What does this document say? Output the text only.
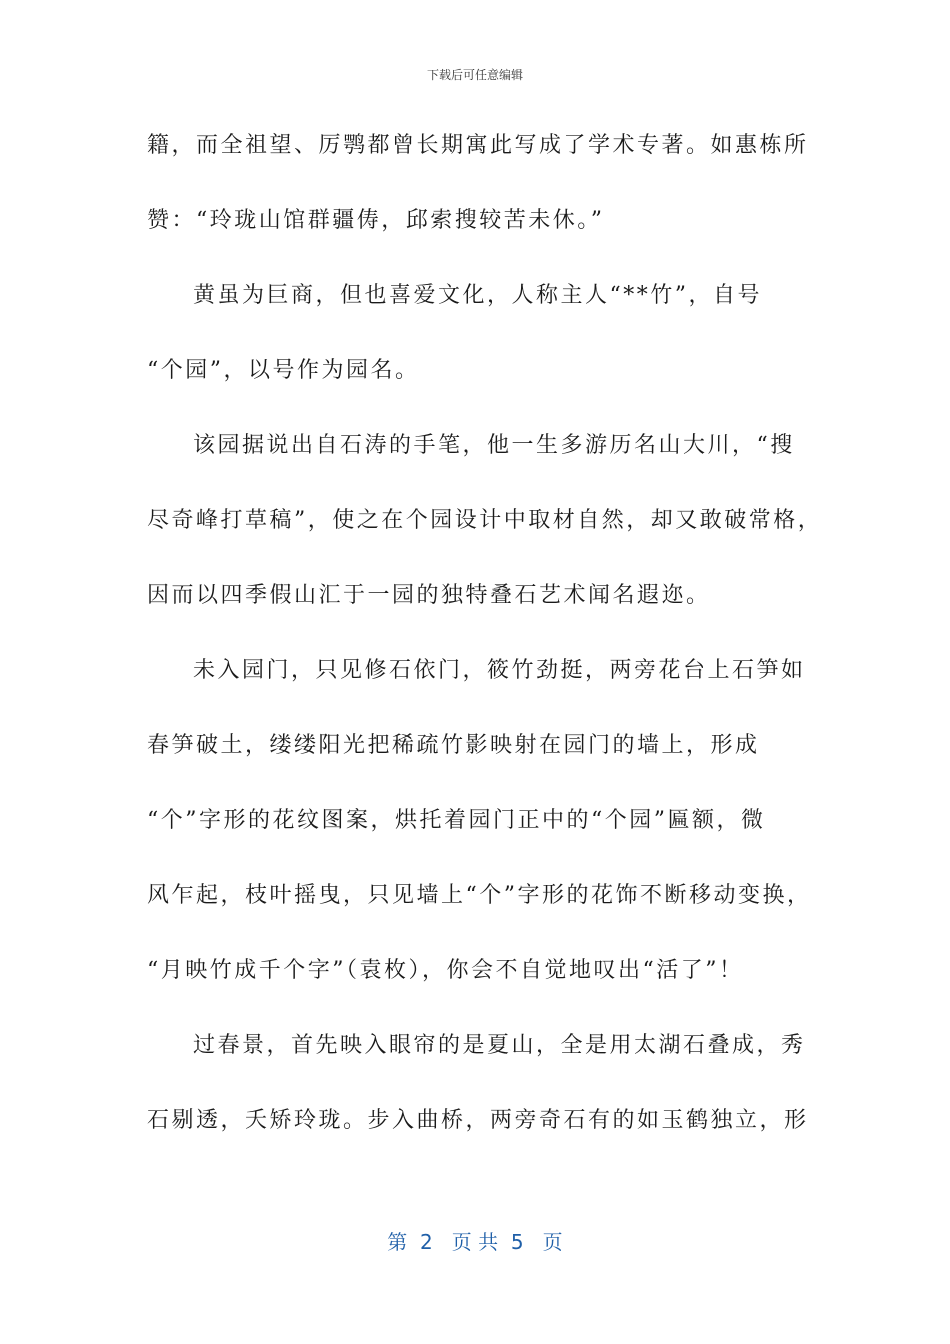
下载后可任意编辑
籍，而全祖望、厉鹗都曾长期寓此写成了学术专著。如惠栋所
赞：“玲珑山馆群疆俦，邱索搜较苦未休。”
黄虽为巨商，但也喜爱文化，人称主人“**竹”，自号
“个园”，以号作为园名。
该园据说出自石涛的手笔，他一生多游历名山大川，“搜
尽奇峰打草稿”，使之在个园设计中取材自然，却又敢破常格，
因而以四季假山汇于一园的独特叠石艺术闻名遐迩。
未入园门，只见修石依门，筱竹劲挺，两旁花台上石笋如
春笋破土，缕缕阳光把稀疏竹影映射在园门的墙上，形成
“个”字形的花纹图案，烘托着园门正中的“个园”匾额，微
风乍起，枝叶摇曳，只见墙上“个”字形的花饰不断移动变换，
“月映竹成千个字”（袁枚），你会不自觉地叹出“活了”！
过春景，首先映入眼帘的是夏山，全是用太湖石叠成，秀
石剔透，夭矫玲珑。步入曲桥，两旁奇石有的如玉鹤独立，形
第  2   页 共  5   页
